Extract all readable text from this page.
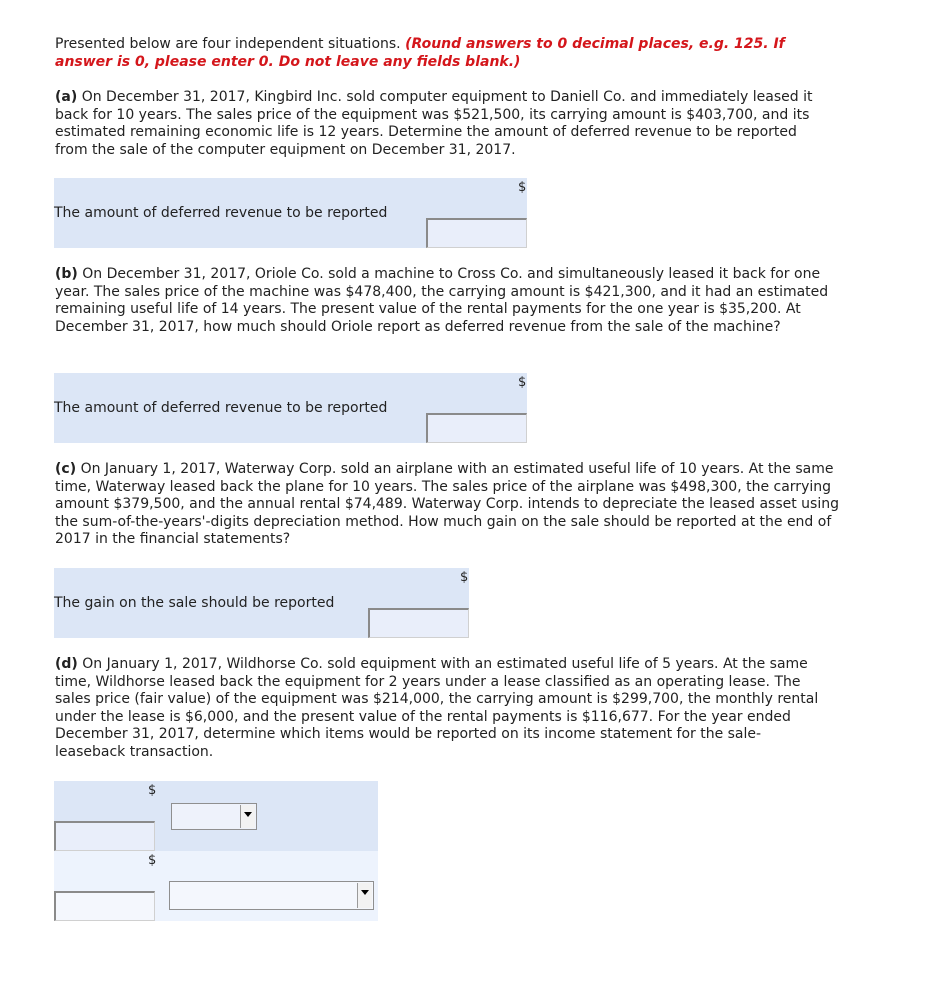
Presented below are four independent situations. (Round answers to 0 decimal places, e.g. 125. If answer is 0, please enter 0. Do not leave any fields blank.)

(a) On December 31, 2017, Kingbird Inc. sold computer equipment to Daniell Co. and immediately leased it back for 10 years. The sales price of the equipment was $521,500, its carrying amount is $403,700, and its estimated remaining economic life is 12 years. Determine the amount of deferred revenue to be reported from the sale of the computer equipment on December 31, 2017.

$
The amount of deferred revenue to be reported

(b) On December 31, 2017, Oriole Co. sold a machine to Cross Co. and simultaneously leased it back for one year. The sales price of the machine was $478,400, the carrying amount is $421,300, and it had an estimated remaining useful life of 14 years. The present value of the rental payments for the one year is $35,200. At December 31, 2017, how much should Oriole report as deferred revenue from the sale of the machine?

$
The amount of deferred revenue to be reported

(c) On January 1, 2017, Waterway Corp. sold an airplane with an estimated useful life of 10 years. At the same time, Waterway leased back the plane for 10 years. The sales price of the airplane was $498,300, the carrying amount $379,500, and the annual rental $74,489. Waterway Corp. intends to depreciate the leased asset using the sum-of-the-years'-digits depreciation method. How much gain on the sale should be reported at the end of 2017 in the financial statements?

$
The gain on the sale should be reported

(d) On January 1, 2017, Wildhorse Co. sold equipment with an estimated useful life of 5 years. At the same time, Wildhorse leased back the equipment for 2 years under a lease classified as an operating lease. The sales price (fair value) of the equipment was $214,000, the carrying amount is $299,700, the monthly rental under the lease is $6,000, and the present value of the rental payments is $116,677. For the year ended December 31, 2017, determine which items would be reported on its income statement for the sale-leaseback transaction.

$
$
